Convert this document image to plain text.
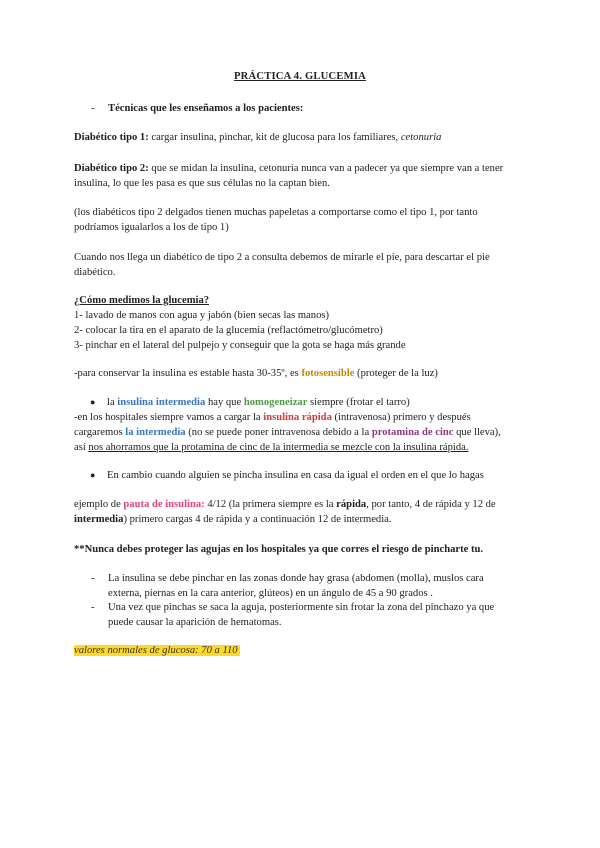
PRÁCTICA 4. GLUCEMIA
- Técnicas que les enseñamos a los pacientes:
Diabético tipo 1: cargar insulina, pinchar, kit de glucosa para los familiares, cetonuria
Diabético tipo 2: que se midan la insulina, cetonuria nunca van a padecer ya que siempre van a tener
insulina, lo que les pasa es que sus células no la captan bien.
(los diabéticos tipo 2 delgados tienen muchas papeletas a comportarse como el tipo 1, por tanto
podríamos igualarlos a los de tipo 1)
Cuando nos llega un diabético de tipo 2 a consulta debemos de mirarle el pie, para descartar el pie
diabético.
¿Cómo medimos la glucemia?
1- lavado de manos con agua y jabón (bien secas las manos)
2- colocar la tira en el aparato de la glucemia (reflactómetro/glucómetro)
3- pinchar en el lateral del pulpejo y conseguir que la gota se haga más grande
-para conservar la insulina es estable hasta 30-35º, es fotosensible (proteger de la luz)
● la insulina intermedia hay que homogeneizar siempre (frotar el tarro)
-en los hospitales siempre vamos a cargar la insulina rápida (intravenosa) primero y después
cargaremos la intermedia (no se puede poner intravenosa debido a la protamina de cinc que lleva),
así nos ahorramos que la protamina de cinc de la intermedia se mezcle con la insulina rápida.
● En cambio cuando alguien se pincha insulina en casa da igual el orden en el que lo hagas
ejemplo de pauta de insulina: 4/12 (la primera siempre es la rápida, por tanto, 4 de rápida y 12 de
intermedia) primero cargas 4 de rápida y a continuación 12 de intermedia.
**Nunca debes proteger las agujas en los hospitales ya que corres el riesgo de pincharte tu.
- La insulina se debe pinchar en las zonas donde hay grasa (abdomen (molla), muslos cara
externa, piernas en la cara anterior, glúteos) en un ángulo de 45 a 90 grados .
- Una vez que pinchas se saca la aguja, posteriormente sin frotar la zona del pinchazo ya que
puede causar la aparición de hematomas.
valores normales de glucosa: 70 a 110
